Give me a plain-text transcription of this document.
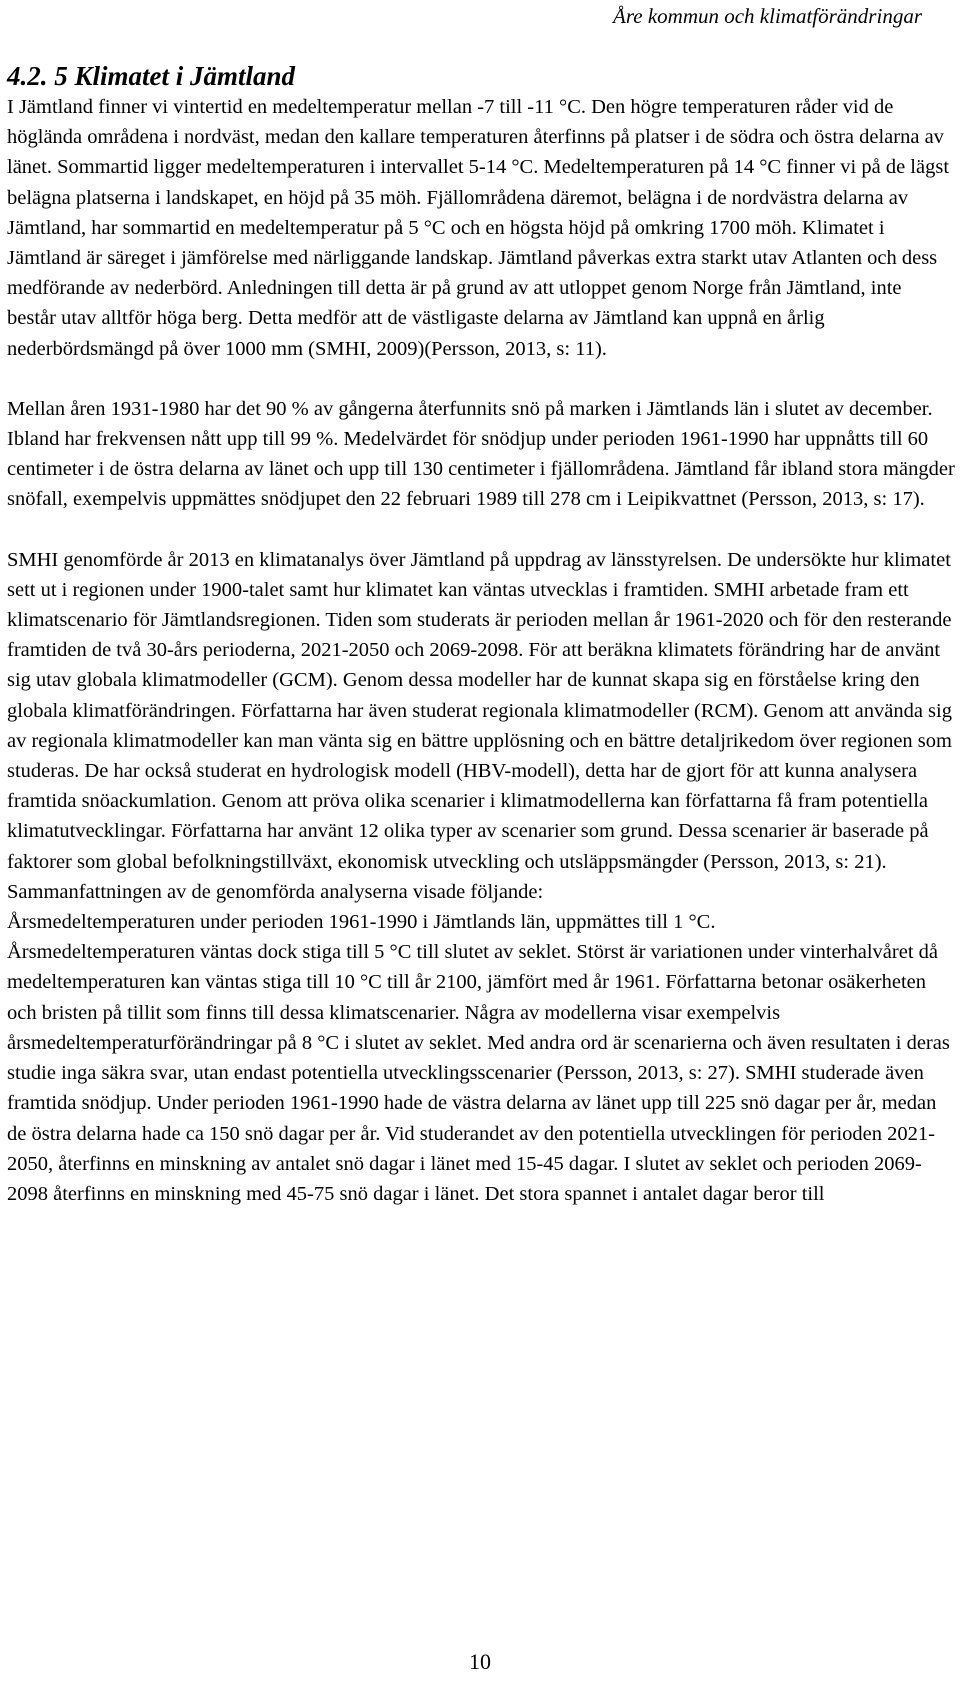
Åre kommun och klimatförändringar
4.2. 5 Klimatet i Jämtland

I Jämtland finner vi vintertid en medeltemperatur mellan -7 till -11 °C. Den högre temperaturen råder vid de höglända områdena i nordväst, medan den kallare temperaturen återfinns på platser i de södra och östra delarna av länet. Sommartid ligger medeltemperaturen i intervallet 5-14 °C. Medeltemperaturen på 14 °C finner vi på de lägst belägna platserna i landskapet, en höjd på 35 möh. Fjällområdena däremot, belägna i de nordvästra delarna av Jämtland, har sommartid en medeltemperatur på 5 °C och en högsta höjd på omkring 1700 möh. Klimatet i Jämtland är säreget i jämförelse med närliggande landskap. Jämtland påverkas extra starkt utav Atlanten och dess medförande av nederbörd. Anledningen till detta är på grund av att utloppet genom Norge från Jämtland, inte består utav alltför höga berg. Detta medför att de västligaste delarna av Jämtland kan uppnå en årlig nederbördsmängd på över 1000 mm (SMHI, 2009)(Persson, 2013, s: 11).

Mellan åren 1931-1980 har det 90 % av gångerna återfunnits snö på marken i Jämtlands län i slutet av december. Ibland har frekvensen nått upp till 99 %. Medelvärdet för snödjup under perioden 1961-1990 har uppnåtts till 60 centimeter i de östra delarna av länet och upp till 130 centimeter i fjällområdena. Jämtland får ibland stora mängder snöfall, exempelvis uppmättes snödjupet den 22 februari 1989 till 278 cm i Leipikvattnet (Persson, 2013, s: 17).

SMHI genomförde år 2013 en klimatanalys över Jämtland på uppdrag av länsstyrelsen. De undersökte hur klimatet sett ut i regionen under 1900-talet samt hur klimatet kan väntas utvecklas i framtiden. SMHI arbetade fram ett klimatscenario för Jämtlandsregionen. Tiden som studerats är perioden mellan år 1961-2020 och för den resterande framtiden de två 30-års perioderna, 2021-2050 och 2069-2098. För att beräkna klimatets förändring har de använt sig utav globala klimatmodeller (GCM). Genom dessa modeller har de kunnat skapa sig en förståelse kring den globala klimatförändringen. Författarna har även studerat regionala klimatmodeller (RCM). Genom att använda sig av regionala klimatmodeller kan man vänta sig en bättre upplösning och en bättre detaljrikedom över regionen som studeras. De har också studerat en hydrologisk modell (HBV-modell), detta har de gjort för att kunna analysera framtida snöackumlation. Genom att pröva olika scenarier i klimatmodellerna kan författarna få fram potentiella klimatutvecklingar. Författarna har använt 12 olika typer av scenarier som grund. Dessa scenarier är baserade på faktorer som global befolkningstillväxt, ekonomisk utveckling och utsläppsmängder (Persson, 2013, s: 21).

Sammanfattningen av de genomförda analyserna visade följande:

Årsmedeltemperaturen under perioden 1961-1990 i Jämtlands län, uppmättes till 1 °C.

Årsmedeltemperaturen väntas dock stiga till 5 °C till slutet av seklet. Störst är variationen under vinterhalvåret då medeltemperaturen kan väntas stiga till 10 °C till år 2100, jämfört med år 1961. Författarna betonar osäkerheten och bristen på tillit som finns till dessa klimatscenarier. Några av modellerna visar exempelvis årsmedeltemperaturförändringar på 8 °C i slutet av seklet. Med andra ord är scenarierna och även resultaten i deras studie inga säkra svar, utan endast potentiella utvecklingsscenarier (Persson, 2013, s: 27). SMHI studerade även framtida snödjup. Under perioden 1961-1990 hade de västra delarna av länet upp till 225 snö dagar per år, medan de östra delarna hade ca 150 snö dagar per år. Vid studerandet av den potentiella utvecklingen för perioden 2021-2050, återfinns en minskning av antalet snö dagar i länet med 15-45 dagar. I slutet av seklet och perioden 2069-2098 återfinns en minskning med 45-75 snö dagar i länet. Det stora spannet i antalet dagar beror till

10
